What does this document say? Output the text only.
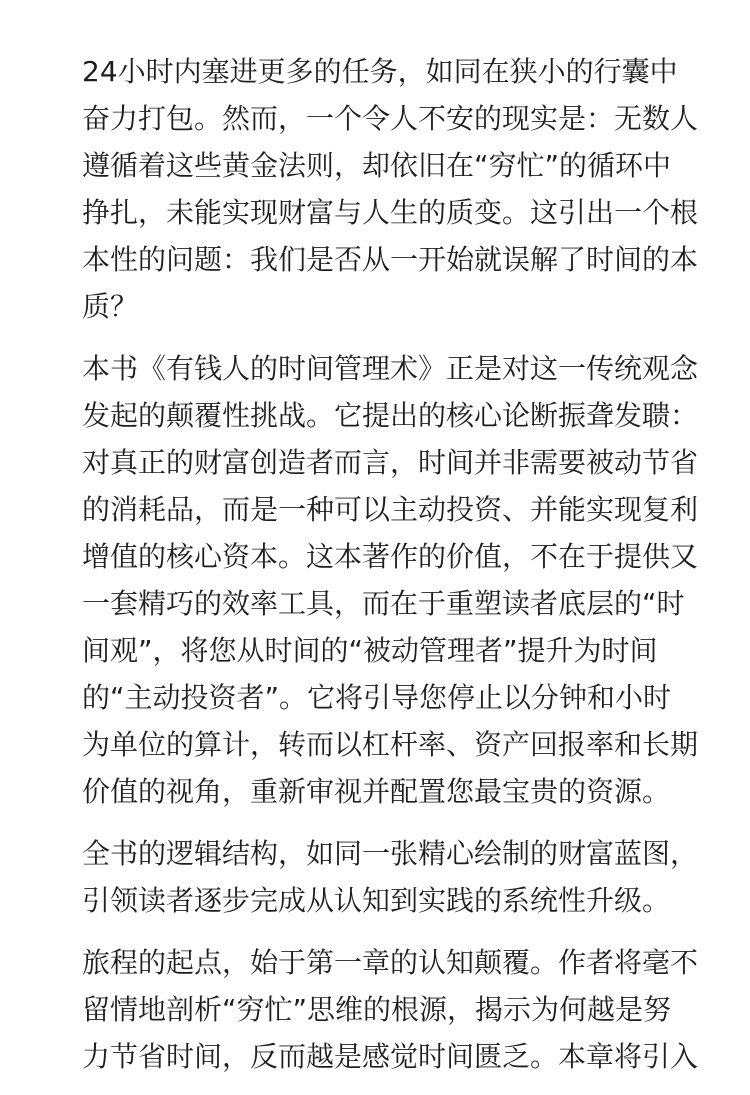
24小时内塞进更多的任务，如同在狭小的行囊中
奋力打包。然而，一个令人不安的现实是：无数人
遵循着这些黄金法则，却依旧在“穷忙”的循环中
挣扎，未能实现财富与人生的质变。这引出一个根
本性的问题：我们是否从一开始就误解了时间的本
质？

本书《有钱人的时间管理术》正是对这一传统观念
发起的颠覆性挑战。它提出的核心论断振聋发聩：
对真正的财富创造者而言，时间并非需要被动节省
的消耗品，而是一种可以主动投资、并能实现复利
增值的核心资本。这本著作的价值，不在于提供又
一套精巧的效率工具，而在于重塑读者底层的“时
间观”，将您从时间的“被动管理者”提升为时间
的“主动投资者”。它将引导您停止以分钟和小时
为单位的算计，转而以杠杆率、资产回报率和长期
价值的视角，重新审视并配置您最宝贵的资源。

全书的逻辑结构，如同一张精心绘制的财富蓝图，
引领读者逐步完成从认知到实践的系统性升级。

旅程的起点，始于第一章的认知颠覆。作者将毫不
留情地剖析“穷忙”思维的根源，揭示为何越是努
力节省时间，反而越是感觉时间匮乏。本章将引入
